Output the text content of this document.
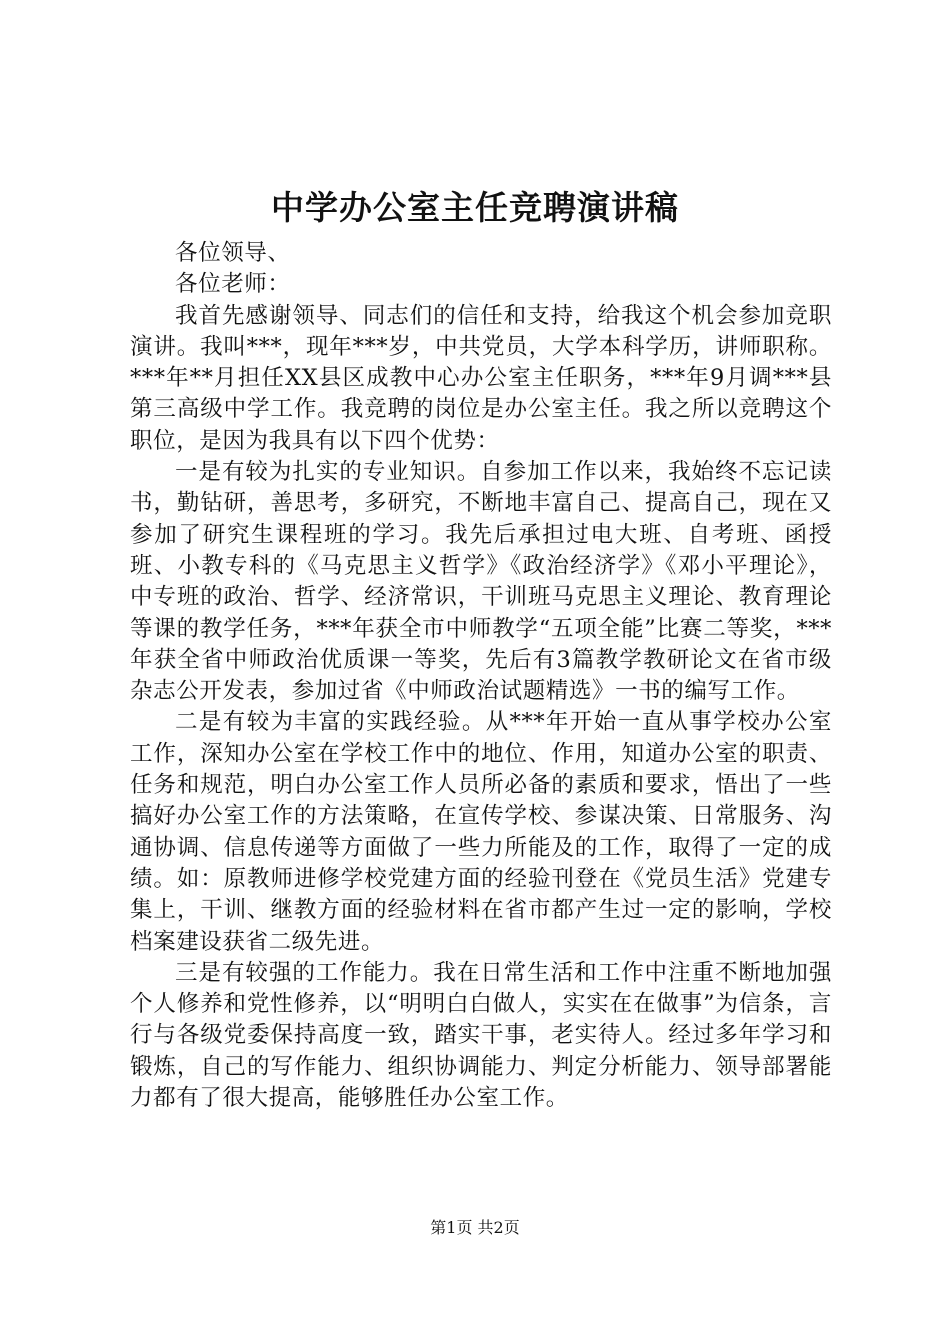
中学办公室主任竞聘演讲稿

各位领导、

各位老师：

我首先感谢领导、同志们的信任和支持，给我这个机会参加竞职演讲。我叫***，现年***岁，中共党员，大学本科学历，讲师职称。***年**月担任XX县区成教中心办公室主任职务，***年9月调***县第三高级中学工作。我竞聘的岗位是办公室主任。我之所以竞聘这个职位，是因为我具有以下四个优势：

一是有较为扎实的专业知识。自参加工作以来，我始终不忘记读书，勤钻研，善思考，多研究，不断地丰富自己、提高自己，现在又参加了研究生课程班的学习。我先后承担过电大班、自考班、函授班、小教专科的《马克思主义哲学》《政治经济学》《邓小平理论》，中专班的政治、哲学、经济常识，干训班马克思主义理论、教育理论等课的教学任务，***年获全市中师教学“五项全能”比赛二等奖，***年获全省中师政治优质课一等奖，先后有3篇教学教研论文在省市级杂志公开发表，参加过省《中师政治试题精选》一书的编写工作。

二是有较为丰富的实践经验。从***年开始一直从事学校办公室工作，深知办公室在学校工作中的地位、作用，知道办公室的职责、任务和规范，明白办公室工作人员所必备的素质和要求，悟出了一些搞好办公室工作的方法策略，在宣传学校、参谋决策、日常服务、沟通协调、信息传递等方面做了一些力所能及的工作，取得了一定的成绩。如：原教师进修学校党建方面的经验刊登在《党员生活》党建专集上，干训、继教方面的经验材料在省市都产生过一定的影响，学校档案建设获省二级先进。

三是有较强的工作能力。我在日常生活和工作中注重不断地加强个人修养和党性修养，以“明明白白做人，实实在在做事”为信条，言行与各级党委保持高度一致，踏实干事，老实待人。经过多年学习和锻炼，自己的写作能力、组织协调能力、判定分析能力、领导部署能力都有了很大提高，能够胜任办公室工作。

第1页 共2页
